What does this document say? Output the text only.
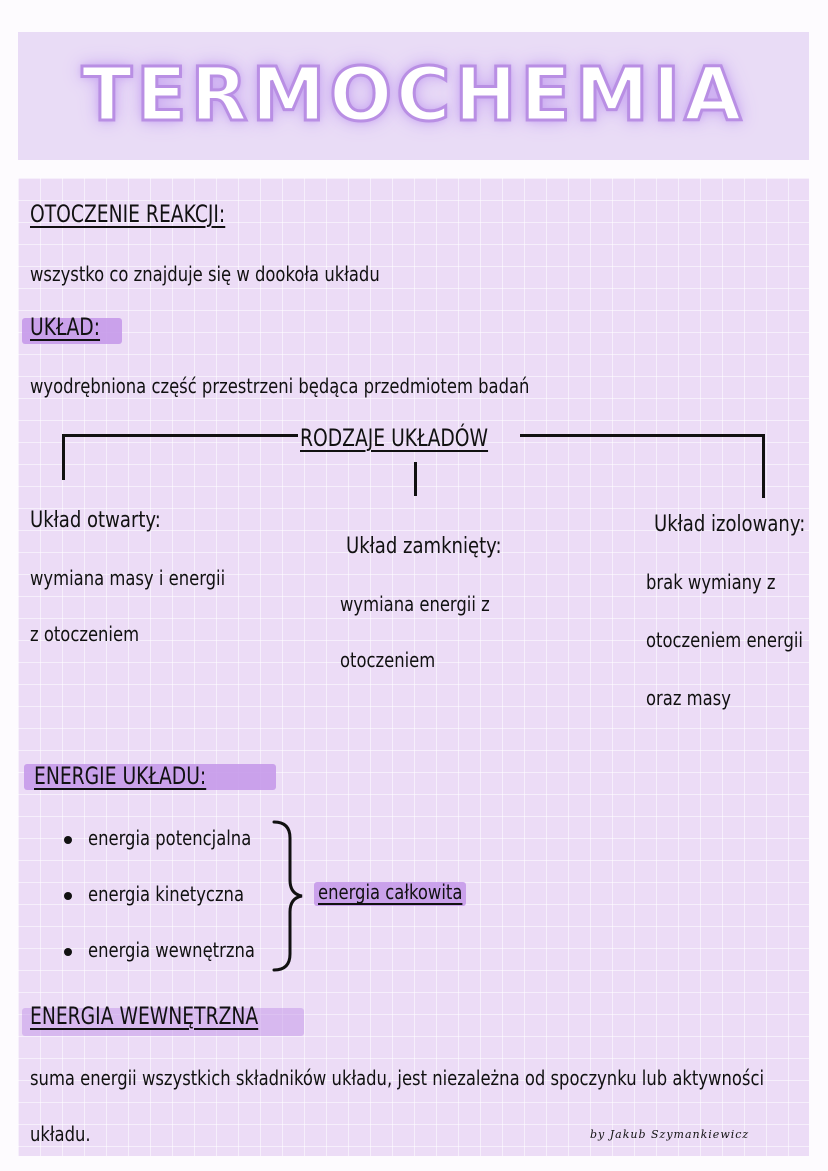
TERMOCHEMIA
OTOCZENIE REAKCJI:
wszystko co znajduje się w dookoła układu
UKŁAD:
wyodrębniona część przestrzeni będąca przedmiotem badań
RODZAJE UKŁADÓW
Układ otwarty:
wymiana masy i energii
z otoczeniem
Układ zamknięty:
wymiana energii z
otoczeniem
Układ izolowany:
brak wymiany z
otoczeniem energii
oraz masy
ENERGIE UKŁADU:
energia potencjalna
energia kinetyczna
energia wewnętrzna
energia całkowita
ENERGIA WEWNĘTRZNA
suma energii wszystkich składników układu, jest niezależna od spoczynku lub aktywności
układu.	by Jakub Szymankiewicz
